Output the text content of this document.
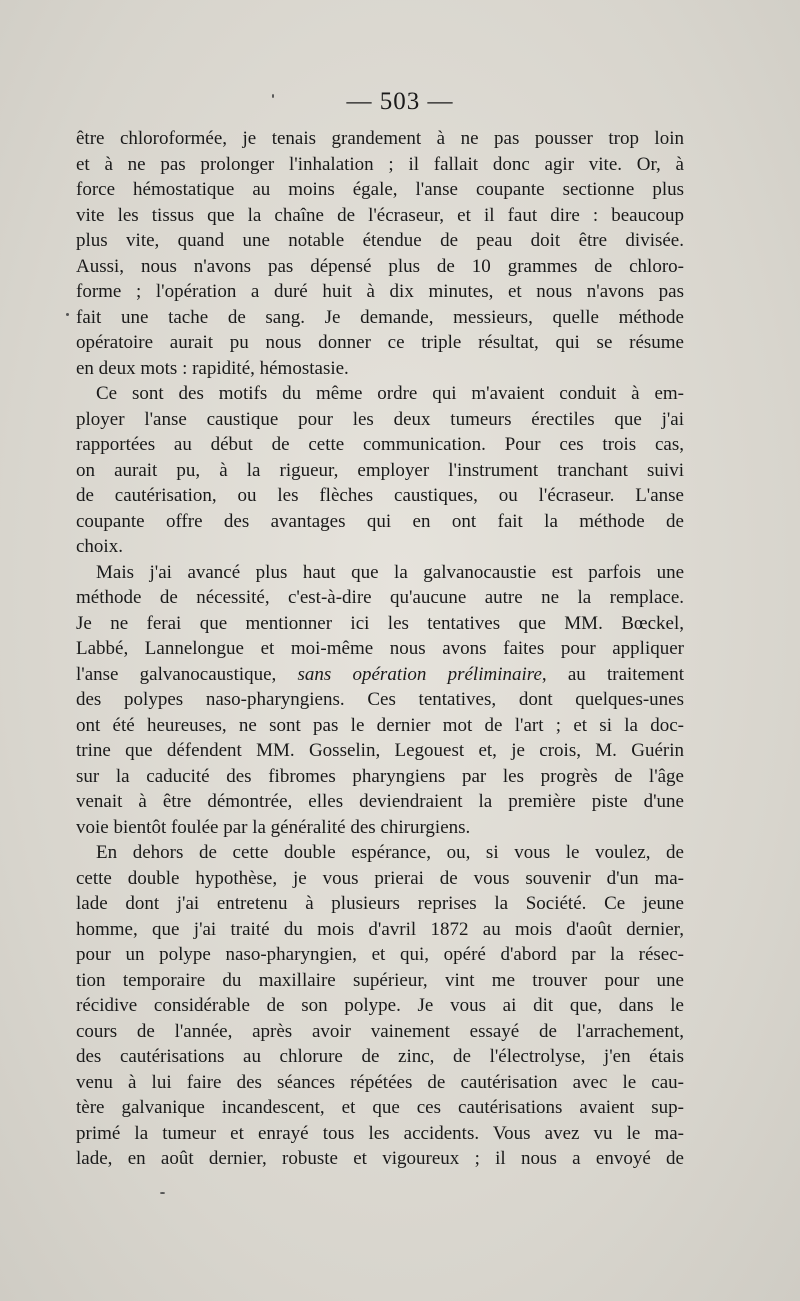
— 503 —
être chloroformée, je tenais grandement à ne pas pousser trop loin
et à ne pas prolonger l'inhalation ; il fallait donc agir vite. Or, à
force hémostatique au moins égale, l'anse coupante sectionne plus
vite les tissus que la chaîne de l'écraseur, et il faut dire : beaucoup
plus vite, quand une notable étendue de peau doit être divisée.
Aussi, nous n'avons pas dépensé plus de 10 grammes de chloro-
forme ; l'opération a duré huit à dix minutes, et nous n'avons pas
fait une tache de sang. Je demande, messieurs, quelle méthode
opératoire aurait pu nous donner ce triple résultat, qui se résume
en deux mots : rapidité, hémostasie.
Ce sont des motifs du même ordre qui m'avaient conduit à em-
ployer l'anse caustique pour les deux tumeurs érectiles que j'ai
rapportées au début de cette communication. Pour ces trois cas,
on aurait pu, à la rigueur, employer l'instrument tranchant suivi
de cautérisation, ou les flèches caustiques, ou l'écraseur. L'anse
coupante offre des avantages qui en ont fait la méthode de
choix.
Mais j'ai avancé plus haut que la galvanocaustie est parfois une
méthode de nécessité, c'est-à-dire qu'aucune autre ne la remplace.
Je ne ferai que mentionner ici les tentatives que MM. Bœckel,
Labbé, Lannelongue et moi-même nous avons faites pour appliquer
l'anse galvanocaustique, sans opération préliminaire, au traitement
des polypes naso-pharyngiens. Ces tentatives, dont quelques-unes
ont été heureuses, ne sont pas le dernier mot de l'art ; et si la doc-
trine que défendent MM. Gosselin, Legouest et, je crois, M. Guérin
sur la caducité des fibromes pharyngiens par les progrès de l'âge
venait à être démontrée, elles deviendraient la première piste d'une
voie bientôt foulée par la généralité des chirurgiens.
En dehors de cette double espérance, ou, si vous le voulez, de
cette double hypothèse, je vous prierai de vous souvenir d'un ma-
lade dont j'ai entretenu à plusieurs reprises la Société. Ce jeune
homme, que j'ai traité du mois d'avril 1872 au mois d'août dernier,
pour un polype naso-pharyngien, et qui, opéré d'abord par la résec-
tion temporaire du maxillaire supérieur, vint me trouver pour une
récidive considérable de son polype. Je vous ai dit que, dans le
cours de l'année, après avoir vainement essayé de l'arrachement,
des cautérisations au chlorure de zinc, de l'électrolyse, j'en étais
venu à lui faire des séances répétées de cautérisation avec le cau-
tère galvanique incandescent, et que ces cautérisations avaient sup-
primé la tumeur et enrayé tous les accidents. Vous avez vu le ma-
lade, en août dernier, robuste et vigoureux ; il nous a envoyé de
